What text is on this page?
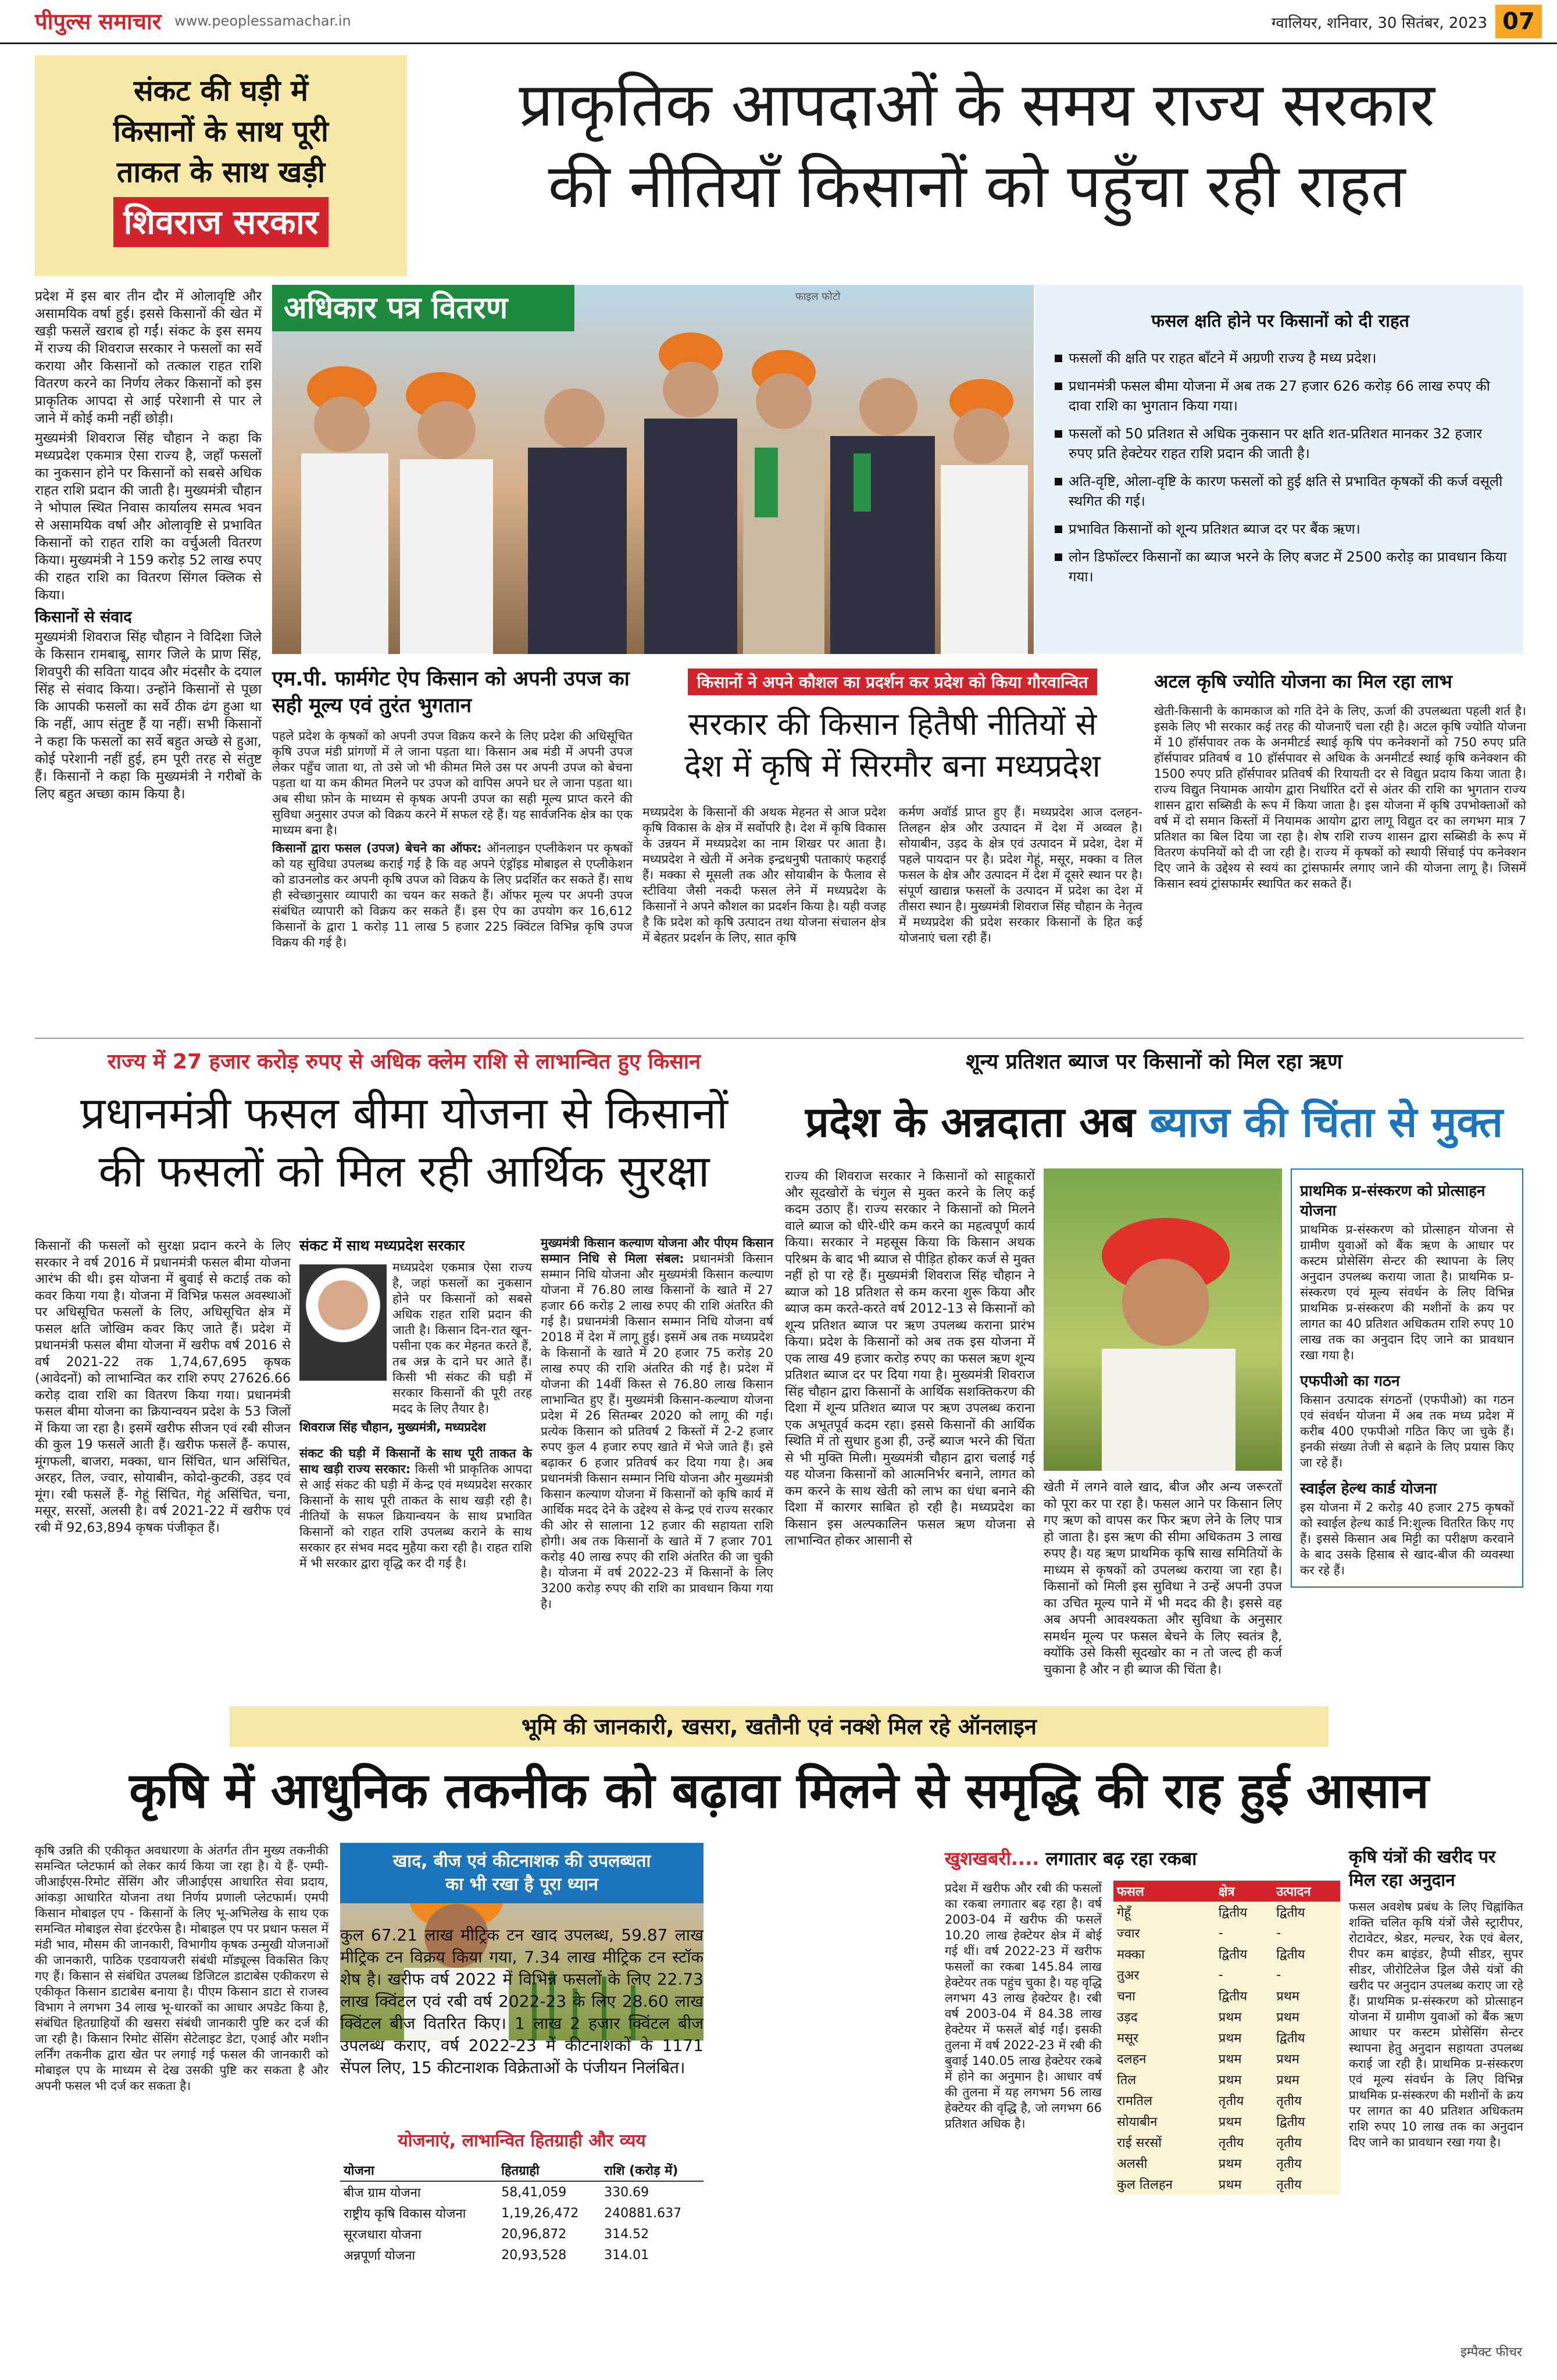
पीपुल्स समाचार www.peoplessamachar.in	ग्वालियर, शनिवार, 30 सितंबर, 2023 07
संकट की घड़ी में
किसानों के साथ पूरी
ताकत के साथ खड़ी
शिवराज सरकार
प्राकृतिक आपदाओं के समय राज्य सरकार
की नीतियाँ किसानों को पहुँचा रही राहत

प्रदेश में इस बार तीन दौर में ओलावृष्टि और असामयिक वर्षा हुई। इससे किसानों की खेत में खड़ी फसलें खराब हो गईं। संकट के इस समय में राज्य की शिवराज सरकार ने फसलों का सर्वे कराया और किसानों को तत्काल राहत राशि वितरण करने का निर्णय लेकर किसानों को इस प्राकृतिक आपदा से आई परेशानी से पार ले जाने में कोई कमी नहीं छोड़ी।

मुख्यमंत्री शिवराज सिंह चौहान ने कहा कि मध्यप्रदेश एकमात्र ऐसा राज्य है, जहाँ फसलों का नुकसान होने पर किसानों को सबसे अधिक राहत राशि प्रदान की जाती है। मुख्यमंत्री चौहान ने भोपाल स्थित निवास कार्यालय समत्व भवन से असामयिक वर्षा और ओलावृष्टि से प्रभावित किसानों को राहत राशि का वर्चुअली वितरण किया। मुख्यमंत्री ने 159 करोड़ 52 लाख रुपए की राहत राशि का वितरण सिंगल क्लिक से किया।

किसानों से संवाद

मुख्यमंत्री शिवराज सिंह चौहान ने विदिशा जिले के किसान रामबाबू, सागर जिले के प्राण सिंह, शिवपुरी की सविता यादव और मंदसौर के दयाल सिंह से संवाद किया। उन्होंने किसानों से पूछा कि आपकी फसलों का सर्वे ठीक ढंग हुआ था कि नहीं, आप संतुष्ट हैं या नहीं। सभी किसानों ने कहा कि फसलों का सर्वे बहुत अच्छे से हुआ, कोई परेशानी नहीं हुई, हम पूरी तरह से संतुष्ट हैं। किसानों ने कहा कि मुख्यमंत्री ने गरीबों के लिए बहुत अच्छा काम किया है।

अधिकार पत्र वितरण	फाइल फोटो
फसल क्षति होने पर किसानों को दी राहत
फसलों की क्षति पर राहत बाँटने में अग्रणी राज्य है मध्य प्रदेश।
प्रधानमंत्री फसल बीमा योजना में अब तक 27 हजार 626 करोड़ 66 लाख रुपए की दावा राशि का भुगतान किया गया।
फसलों को 50 प्रतिशत से अधिक नुकसान पर क्षति शत-प्रतिशत मानकर 32 हजार रुपए प्रति हेक्टेयर राहत राशि प्रदान की जाती है।
अति-वृष्टि, ओला-वृष्टि के कारण फसलों को हुई क्षति से प्रभावित कृषकों की कर्ज वसूली स्थगित की गई।
प्रभावित किसानों को शून्य प्रतिशत ब्याज दर पर बैंक ऋण।
लोन डिफॉल्टर किसानों का ब्याज भरने के लिए बजट में 2500 करोड़ का प्रावधान किया गया।
एम.पी. फार्मगेट ऐप किसान को अपनी उपज का सही मूल्य एवं तुरंत भुगतान

पहले प्रदेश के कृषकों को अपनी उपज विक्रय करने के लिए प्रदेश की अधिसूचित कृषि उपज मंडी प्रांगणों में ले जाना पड़ता था। किसान अब मंडी में अपनी उपज लेकर पहुँच जाता था, तो उसे जो भी कीमत मिले उस पर अपनी उपज को बेचना पड़ता था या कम कीमत मिलने पर उपज को वापिस अपने घर ले जाना पड़ता था। अब सीधा फ़ोन के माध्यम से कृषक अपनी उपज का सही मूल्य प्राप्त करने की सुविधा अनुसार उपज को विक्रय करने में सफल रहे हैं। यह सार्वजनिक क्षेत्र का एक माध्यम बना है।

किसानों द्वारा फसल (उपज) बेचने का ऑफर: ऑनलाइन एप्लीकेशन पर कृषकों को यह सुविधा उपलब्ध कराई गई है कि वह अपने एंड्रॉइड मोबाइल से एप्लीकेशन को डाउनलोड कर अपनी कृषि उपज को विक्रय के लिए प्रदर्शित कर सकते हैं। साथ ही स्वेच्छानुसार व्यापारी का चयन कर सकते हैं। ऑफर मूल्य पर अपनी उपज संबंधित व्यापारी को विक्रय कर सकते हैं। इस ऐप का उपयोग कर 16,612 किसानों के द्वारा 1 करोड़ 11 लाख 5 हजार 225 क्विंटल विभिन्न कृषि उपज विक्रय की गई है।

किसानों ने अपने कौशल का प्रदर्शन कर प्रदेश को किया गौरवान्वित
सरकार की किसान हितैषी नीतियों से
देश में कृषि में सिरमौर बना मध्यप्रदेश

मध्यप्रदेश के किसानों की अथक मेहनत से आज प्रदेश कृषि विकास के क्षेत्र में सर्वोपरि है। देश में कृषि विकास के उन्नयन में मध्यप्रदेश का नाम शिखर पर आता है। मध्यप्रदेश ने खेती में अनेक इन्द्रधनुषी पताकाएं फहराई हैं। मक्का से मूसली तक और सोयाबीन के फैलाव से स्टीविया जैसी नकदी फसल लेने में मध्यप्रदेश के किसानों ने अपने कौशल का प्रदर्शन किया है। यही वजह है कि प्रदेश को कृषि उत्पादन तथा योजना संचालन क्षेत्र में बेहतर प्रदर्शन के लिए, सात कृषि

कर्मण अवॉर्ड प्राप्त हुए हैं। मध्यप्रदेश आज दलहन-तिलहन क्षेत्र और उत्पादन में देश में अव्वल है। सोयाबीन, उड़द के क्षेत्र एवं उत्पादन में प्रदेश, देश में पहले पायदान पर है। प्रदेश गेहूं, मसूर, मक्का व तिल फसल के क्षेत्र और उत्पादन में देश में दूसरे स्थान पर है। संपूर्ण खाद्यान्न फसलों के उत्पादन में प्रदेश का देश में तीसरा स्थान है। मुख्यमंत्री शिवराज सिंह चौहान के नेतृत्व में मध्यप्रदेश की प्रदेश सरकार किसानों के हित कई योजनाएं चला रही हैं।

अटल कृषि ज्योति योजना का मिल रहा लाभ

खेती-किसानी के कामकाज को गति देने के लिए, ऊर्जा की उपलब्धता पहली शर्त है। इसके लिए भी सरकार कई तरह की योजनाएँ चला रही है। अटल कृषि ज्योति योजना में 10 हॉर्सपावर तक के अनमीटर्ड स्थाई कृषि पंप कनेक्शनों को 750 रुपए प्रति हॉर्सपावर प्रतिवर्ष व 10 हॉर्सपावर से अधिक के अनमीटर्ड स्थाई कृषि कनेक्शन की 1500 रुपए प्रति हॉर्सपावर प्रतिवर्ष की रियायती दर से विद्युत प्रदाय किया जाता है। राज्य विद्युत नियामक आयोग द्वारा निर्धारित दरों से अंतर की राशि का भुगतान राज्य शासन द्वारा सब्सिडी के रूप में किया जाता है। इस योजना में कृषि उपभोक्ताओं को वर्ष में दो समान किस्तों में नियामक आयोग द्वारा लागू विद्युत दर का लगभग मात्र 7 प्रतिशत का बिल दिया जा रहा है। शेष राशि राज्य शासन द्वारा सब्सिडी के रूप में वितरण कंपनियों को दी जा रही है। राज्य में कृषकों को स्थायी सिंचाई पंप कनेक्शन दिए जाने के उद्देश्य से स्वयं का ट्रांसफार्मर लगाए जाने की योजना लागू है। जिसमें किसान स्वयं ट्रांसफार्मर स्थापित कर सकते हैं।

राज्य में 27 हजार करोड़ रुपए से अधिक क्लेम राशि से लाभान्वित हुए किसान
प्रधानमंत्री फसल बीमा योजना से किसानों
की फसलों को मिल रही आर्थिक सुरक्षा

किसानों की फसलों को सुरक्षा प्रदान करने के लिए सरकार ने वर्ष 2016 में प्रधानमंत्री फसल बीमा योजना आरंभ की थी। इस योजना में बुवाई से कटाई तक को कवर किया गया है। योजना में विभिन्न फसल अवस्थाओं पर अधिसूचित फसलों के लिए, अधिसूचित क्षेत्र में फसल क्षति जोखिम कवर किए जाते हैं। प्रदेश में प्रधानमंत्री फसल बीमा योजना में खरीफ वर्ष 2016 से वर्ष 2021-22 तक 1,74,67,695 कृषक (आवेदनों) को लाभान्वित कर राशि रुपए 27626.66 करोड़ दावा राशि का वितरण किया गया। प्रधानमंत्री फसल बीमा योजना का क्रियान्वयन प्रदेश के 53 जिलों में किया जा रहा है। इसमें खरीफ सीजन एवं रबी सीजन की कुल 19 फसलें आती हैं। खरीफ फसलें हैं- कपास, मूंगफली, बाजरा, मक्का, धान सिंचित, धान असिंचित, अरहर, तिल, ज्वार, सोयाबीन, कोदो-कुटकी, उड़द एवं मूंग। रबी फसलें हैं- गेहूं सिंचित, गेहूं असिंचित, चना, मसूर, सरसों, अलसी है। वर्ष 2021-22 में खरीफ एवं रबी में 92,63,894 कृषक पंजीकृत हैं।

संकट में साथ मध्यप्रदेश सरकार

मध्यप्रदेश एकमात्र ऐसा राज्य है, जहां फसलों का नुकसान होने पर किसानों को सबसे अधिक राहत राशि प्रदान की जाती है। किसान दिन-रात खून-पसीना एक कर मेहनत करते हैं, तब अन्न के दाने घर आते हैं। किसी भी संकट की घड़ी में सरकार किसानों की पूरी तरह मदद के लिए तैयार है।

शिवराज सिंह चौहान, मुख्यमंत्री, मध्यप्रदेश

संकट की घड़ी में किसानों के साथ पूरी ताकत के साथ खड़ी राज्य सरकार: किसी भी प्राकृतिक आपदा से आई संकट की घड़ी में केन्द्र एवं मध्यप्रदेश सरकार किसानों के साथ पूरी ताकत के साथ खड़ी रही है। नीतियों के सफल क्रियान्वयन के साथ प्रभावित किसानों को राहत राशि उपलब्ध कराने के साथ सरकार हर संभव मदद मुहैया करा रही है। राहत राशि में भी सरकार द्वारा वृद्धि कर दी गई है।

मुख्यमंत्री किसान कल्याण योजना और पीएम किसान सम्मान निधि से मिला संबल: प्रधानमंत्री किसान सम्मान निधि योजना और मुख्यमंत्री किसान कल्याण योजना में 76.80 लाख किसानों के खाते में 27 हजार 66 करोड़ 2 लाख रुपए की राशि अंतरित की गई है। प्रधानमंत्री किसान सम्मान निधि योजना वर्ष 2018 में देश में लागू हुई। इसमें अब तक मध्यप्रदेश के किसानों के खाते में 20 हजार 75 करोड़ 20 लाख रुपए की राशि अंतरित की गई है। प्रदेश में योजना की 14वीं किस्त से 76.80 लाख किसान लाभान्वित हुए हैं। मुख्यमंत्री किसान-कल्याण योजना प्रदेश में 26 सितम्बर 2020 को लागू की गई। प्रत्येक किसान को प्रतिवर्ष 2 किस्तों में 2-2 हजार रुपए कुल 4 हजार रुपए खाते में भेजे जाते हैं। इसे बढ़ाकर 6 हजार प्रतिवर्ष कर दिया गया है। अब प्रधानमंत्री किसान सम्मान निधि योजना और मुख्यमंत्री किसान कल्याण योजना में किसानों को कृषि कार्य में आर्थिक मदद देने के उद्देश्य से केन्द्र एवं राज्य सरकार की ओर से सालाना 12 हजार की सहायता राशि होगी। अब तक किसानों के खाते में 7 हजार 701 करोड़ 40 लाख रुपए की राशि अंतरित की जा चुकी है। योजना में वर्ष 2022-23 में किसानों के लिए 3200 करोड़ रुपए की राशि का प्रावधान किया गया है।

शून्य प्रतिशत ब्याज पर किसानों को मिल रहा ऋण
प्रदेश के अन्नदाता अब ब्याज की चिंता से मुक्त

राज्य की शिवराज सरकार ने किसानों को साहूकारों और सूदखोरों के चंगुल से मुक्त करने के लिए कई कदम उठाए हैं। राज्य सरकार ने किसानों को मिलने वाले ब्याज को धीरे-धीरे कम करने का महत्वपूर्ण कार्य किया। सरकार ने महसूस किया कि किसान अथक परिश्रम के बाद भी ब्याज से पीड़ित होकर कर्ज से मुक्त नहीं हो पा रहे हैं। मुख्यमंत्री शिवराज सिंह चौहान ने ब्याज को 18 प्रतिशत से कम करना शुरू किया और ब्याज कम करते-करते वर्ष 2012-13 से किसानों को शून्य प्रतिशत ब्याज पर ऋण उपलब्ध कराना प्रारंभ किया। प्रदेश के किसानों को अब तक इस योजना में एक लाख 49 हजार करोड़ रुपए का फसल ऋण शून्य प्रतिशत ब्याज दर पर दिया गया है। मुख्यमंत्री शिवराज सिंह चौहान द्वारा किसानों के आर्थिक सशक्तिकरण की दिशा में शून्य प्रतिशत ब्याज पर ऋण उपलब्ध कराना एक अभूतपूर्व कदम रहा। इससे किसानों की आर्थिक स्थिति में तो सुधार हुआ ही, उन्हें ब्याज भरने की चिंता से भी मुक्ति मिली। मुख्यमंत्री चौहान द्वारा चलाई गई यह योजना किसानों को आत्मनिर्भर बनाने, लागत को कम करने के साथ खेती को लाभ का धंधा बनाने की दिशा में कारगर साबित हो रही है। मध्यप्रदेश का किसान इस अल्पकालिन फसल ऋण योजना से लाभान्वित होकर आसानी से

खेती में लगने वाले खाद, बीज और अन्य जरूरतों को पूरा कर पा रहा है। फसल आने पर किसान लिए गए ऋण को वापस कर फिर ऋण लेने के लिए पात्र हो जाता है। इस ऋण की सीमा अधिकतम 3 लाख रुपए है। यह ऋण प्राथमिक कृषि साख समितियों के माध्यम से कृषकों को उपलब्ध कराया जा रहा है। किसानों को मिली इस सुविधा ने उन्हें अपनी उपज का उचित मूल्य पाने में भी मदद की है। इससे वह अब अपनी आवश्यकता और सुविधा के अनुसार समर्थन मूल्य पर फसल बेचने के लिए स्वतंत्र है, क्योंकि उसे किसी सूदखोर का न तो जल्द ही कर्ज चुकाना है और न ही ब्याज की चिंता है।

प्राथमिक प्र-संस्करण को प्रोत्साहन योजना

प्राथमिक प्र-संस्करण को प्रोत्साहन योजना से ग्रामीण युवाओं को बैंक ऋण के आधार पर कस्टम प्रोसेसिंग सेन्टर की स्थापना के लिए अनुदान उपलब्ध कराया जाता है। प्राथमिक प्र-संस्करण एवं मूल्य संवर्धन के लिए विभिन्न प्राथमिक प्र-संस्करण की मशीनों के क्रय पर लागत का 40 प्रतिशत अधिकतम राशि रुपए 10 लाख तक का अनुदान दिए जाने का प्रावधान रखा गया है।

एफपीओ का गठन

किसान उत्पादक संगठनों (एफपीओ) का गठन एवं संवर्धन योजना में अब तक मध्य प्रदेश में करीब 400 एफपीओ गठित किए जा चुके हैं। इनकी संख्या तेजी से बढ़ाने के लिए प्रयास किए जा रहे हैं।

स्वाईल हेल्थ कार्ड योजना

इस योजना में 2 करोड़ 40 हजार 275 कृषकों को स्वाईल हेल्थ कार्ड नि:शुल्क वितरित किए गए हैं। इससे किसान अब मिट्टी का परीक्षण करवाने के बाद उसके हिसाब से खाद-बीज की व्यवस्था कर रहे हैं।

भूमि की जानकारी, खसरा, खतौनी एवं नक्शे मिल रहे ऑनलाइन
कृषि में आधुनिक तकनीक को बढ़ावा मिलने से समृद्धि की राह हुई आसान

कृषि उन्नति की एकीकृत अवधारणा के अंतर्गत तीन मुख्य तकनीकी समन्वित प्लेटफार्म को लेकर कार्य किया जा रहा है। ये हैं- एम्पी-जीआईएस-रिमोट सेंसिंग और जीआईएस आधारित सेवा प्रदाय, आंकड़ा आधारित योजना तथा निर्णय प्रणाली प्लेटफार्म। एमपी किसान मोबाइल एप - किसानों के लिए भू-अभिलेख के साथ एक समन्वित मोबाइल सेवा इंटरफेस है। मोबाइल एप पर प्रधान फसल में मंडी भाव, मौसम की जानकारी, विभागीय कृषक उन्मुखी योजनाओं की जानकारी, पाठिक एडवायजरी संबंधी मॉड्यूल्स विकसित किए गए हैं। किसान से संबंधित उपलब्ध डिजिटल डाटाबेस एकीकरण से एकीकृत किसान डाटाबेस बनाया है। पीएम किसान डाटा से राजस्व विभाग ने लगभग 34 लाख भू-धारकों का आधार अपडेट किया है, संबंधित हितग्राहियों की खसरा संबंधी जानकारी पुष्टि कर दर्ज की जा रही है। किसान रिमोट सेंसिंग सेटेलाइट डेटा, एआई और मशीन लर्निंग तकनीक द्वारा खेत पर लगाई गई फसल की जानकारी को मोबाइल एप के माध्यम से देख उसकी पुष्टि कर सकता है और अपनी फसल भी दर्ज कर सकता है।

खाद, बीज एवं कीटनाशक की उपलब्धता
का भी रखा है पूरा ध्यान

कुल 67.21 लाख मीट्रिक टन खाद उपलब्ध, 59.87 लाख मीट्रिक टन विक्रय किया गया, 7.34 लाख मीट्रिक टन स्टॉक शेष है। खरीफ वर्ष 2022 में विभिन्न फसलों के लिए 22.73 लाख क्विंटल एवं रबी वर्ष 2022-23 के लिए 28.60 लाख क्विंटल बीज वितरित किए। 1 लाख 2 हजार क्विंटल बीज उपलब्ध कराए, वर्ष 2022-23 में कीटनाशकों के 1171 सेंपल लिए, 15 कीटनाशक विक्रेताओं के पंजीयन निलंबित।

योजनाएं, लाभान्वित हितग्राही और व्यय
योजना	हितग्राही	राशि (करोड़ में)
बीज ग्राम योजना	58,41,059	330.69
राष्ट्रीय कृषि विकास योजना	1,19,26,472	240881.637
सूरजधारा योजना	20,96,872	314.52
अन्नपूर्णा योजना	20,93,528	314.01
खुशखबरी.... लगातार बढ़ रहा रकबा

प्रदेश में खरीफ और रबी की फसलों का रकबा लगातार बढ़ रहा है। वर्ष 2003-04 में खरीफ की फसलें 10.20 लाख हेक्टेयर क्षेत्र में बोई गई थीं। वर्ष 2022-23 में खरीफ फसलों का रकबा 145.84 लाख हेक्टेयर तक पहुंच चुका है। यह वृद्धि लगभग 43 लाख हेक्टेयर है। रबी वर्ष 2003-04 में 84.38 लाख हेक्टेयर में फसलें बोई गईं। इसकी तुलना में वर्ष 2022-23 में रबी की बुवाई 140.05 लाख हेक्टेयर रकबे में होने का अनुमान है। आधार वर्ष की तुलना में यह लगभग 56 लाख हेक्टेयर की वृद्धि है, जो लगभग 66 प्रतिशत अधिक है।

फसल	क्षेत्र	उत्पादन
गेहूँ	द्वितीय	द्वितीय
ज्वार	-	-
मक्का	द्वितीय	द्वितीय
तुअर	-	-
चना	द्वितीय	प्रथम
उड़द	प्रथम	प्रथम
मसूर	प्रथम	द्वितीय
दलहन	प्रथम	प्रथम
तिल	प्रथम	प्रथम
रामतिल	तृतीय	तृतीय
सोयाबीन	प्रथम	द्वितीय
राई सरसों	तृतीय	तृतीय
अलसी	प्रथम	तृतीय
कुल तिलहन	प्रथम	तृतीय
कृषि यंत्रों की खरीद पर मिल रहा अनुदान

फसल अवशेष प्रबंध के लिए चिह्नांकित शक्ति चलित कृषि यंत्रों जैसे स्ट्रारीपर, रोटावेटर, श्रेडर, मल्चर, रेक एवं बेलर, रीपर कम बाइंडर, हैप्पी सीडर, सुपर सीडर, जीरोटिलेज ड्रिल जैसे यंत्रों की खरीद पर अनुदान उपलब्ध कराए जा रहे हैं। प्राथमिक प्र-संस्करण को प्रोत्साहन योजना में ग्रामीण युवाओं को बैंक ऋण आधार पर कस्टम प्रोसेसिंग सेन्टर स्थापना हेतु अनुदान सहायता उपलब्ध कराई जा रही है। प्राथमिक प्र-संस्करण एवं मूल्य संवर्धन के लिए विभिन्न प्राथमिक प्र-संस्करण की मशीनों के क्रय पर लागत का 40 प्रतिशत अधिकतम राशि रुपए 10 लाख तक का अनुदान दिए जाने का प्रावधान रखा गया है।

इम्पैक्ट फीचर
